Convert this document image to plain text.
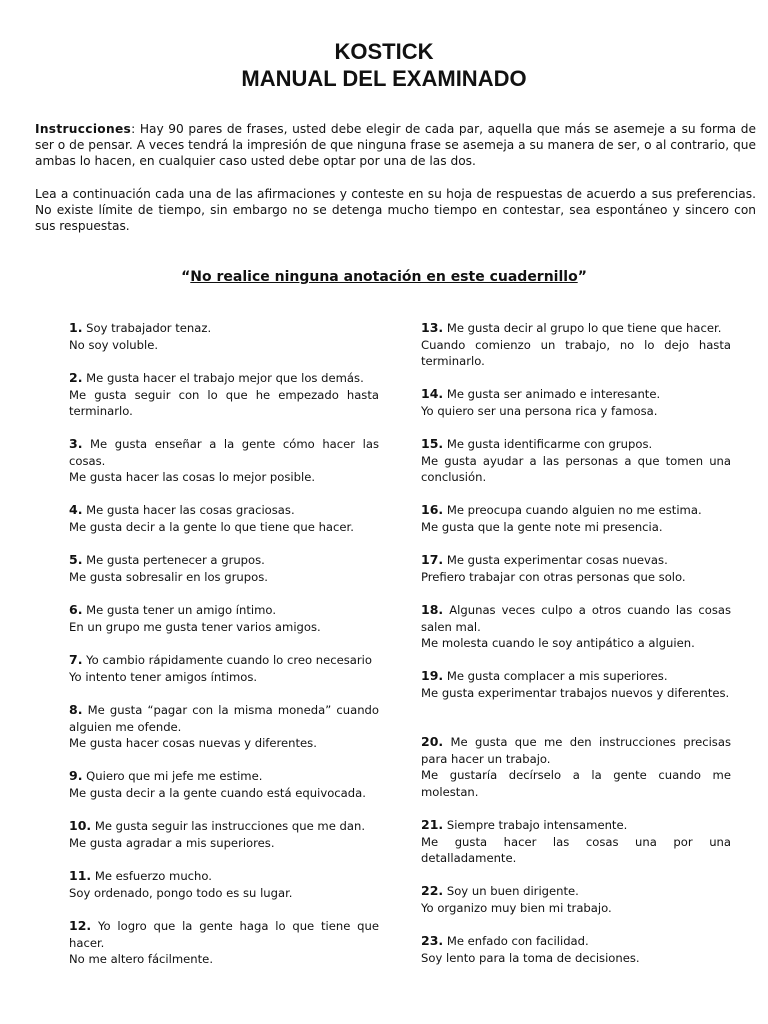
KOSTICK
MANUAL DEL EXAMINADO

Instrucciones: Hay 90 pares de frases, usted debe elegir de cada par, aquella que más se asemeje a su forma de ser o de pensar. A veces tendrá la impresión de que ninguna frase se asemeja a su manera de ser, o al contrario, que ambas lo hacen, en cualquier caso usted debe optar por una de las dos.

Lea a continuación cada una de las afirmaciones y conteste en su hoja de respuestas de acuerdo a sus preferencias. No existe límite de tiempo, sin embargo no se detenga mucho tiempo en contestar, sea espontáneo y sincero con sus respuestas.

“No realice ninguna anotación en este cuadernillo”

1. Soy trabajador tenaz.
No soy voluble.

2. Me gusta hacer el trabajo mejor que los demás.
Me gusta seguir con lo que he empezado hasta terminarlo.

3. Me gusta enseñar a la gente cómo hacer las cosas.
Me gusta hacer las cosas lo mejor posible.

4. Me gusta hacer las cosas graciosas.
Me gusta decir a la gente lo que tiene que hacer.

5. Me gusta pertenecer a grupos.
Me gusta sobresalir en los grupos.

6. Me gusta tener un amigo íntimo.
En un grupo me gusta tener varios amigos.

7. Yo cambio rápidamente cuando lo creo necesario
Yo intento tener amigos íntimos.

8. Me gusta “pagar con la misma moneda” cuando alguien me ofende.
Me gusta hacer cosas nuevas y diferentes.

9. Quiero que mi jefe me estime.
Me gusta decir a la gente cuando está equivocada.

10. Me gusta seguir las instrucciones que me dan.
Me gusta agradar a mis superiores.

11. Me esfuerzo mucho.
Soy ordenado, pongo todo es su lugar.

12. Yo logro que la gente haga lo que tiene que hacer.
No me altero fácilmente.

13. Me gusta decir al grupo lo que tiene que hacer.
Cuando comienzo un trabajo, no lo dejo hasta terminarlo.

14. Me gusta ser animado e interesante.
Yo quiero ser una persona rica y famosa.

15. Me gusta identificarme con grupos.
Me gusta ayudar a las personas a que tomen una conclusión.

16. Me preocupa cuando alguien no me estima.
Me gusta que la gente note mi presencia.

17. Me gusta experimentar cosas nuevas.
Prefiero trabajar con otras personas que solo.

18. Algunas veces culpo a otros cuando las cosas salen mal.
Me molesta cuando le soy antipático a alguien.

19. Me gusta complacer a mis superiores.
Me gusta experimentar trabajos nuevos y diferentes.

20. Me gusta que me den instrucciones precisas para hacer un trabajo.
Me gustaría decírselo a la gente cuando me molestan.

21. Siempre trabajo intensamente.
Me gusta hacer las cosas una por una detalladamente.

22. Soy un buen dirigente.
Yo organizo muy bien mi trabajo.

23. Me enfado con facilidad.
Soy lento para la toma de decisiones.
